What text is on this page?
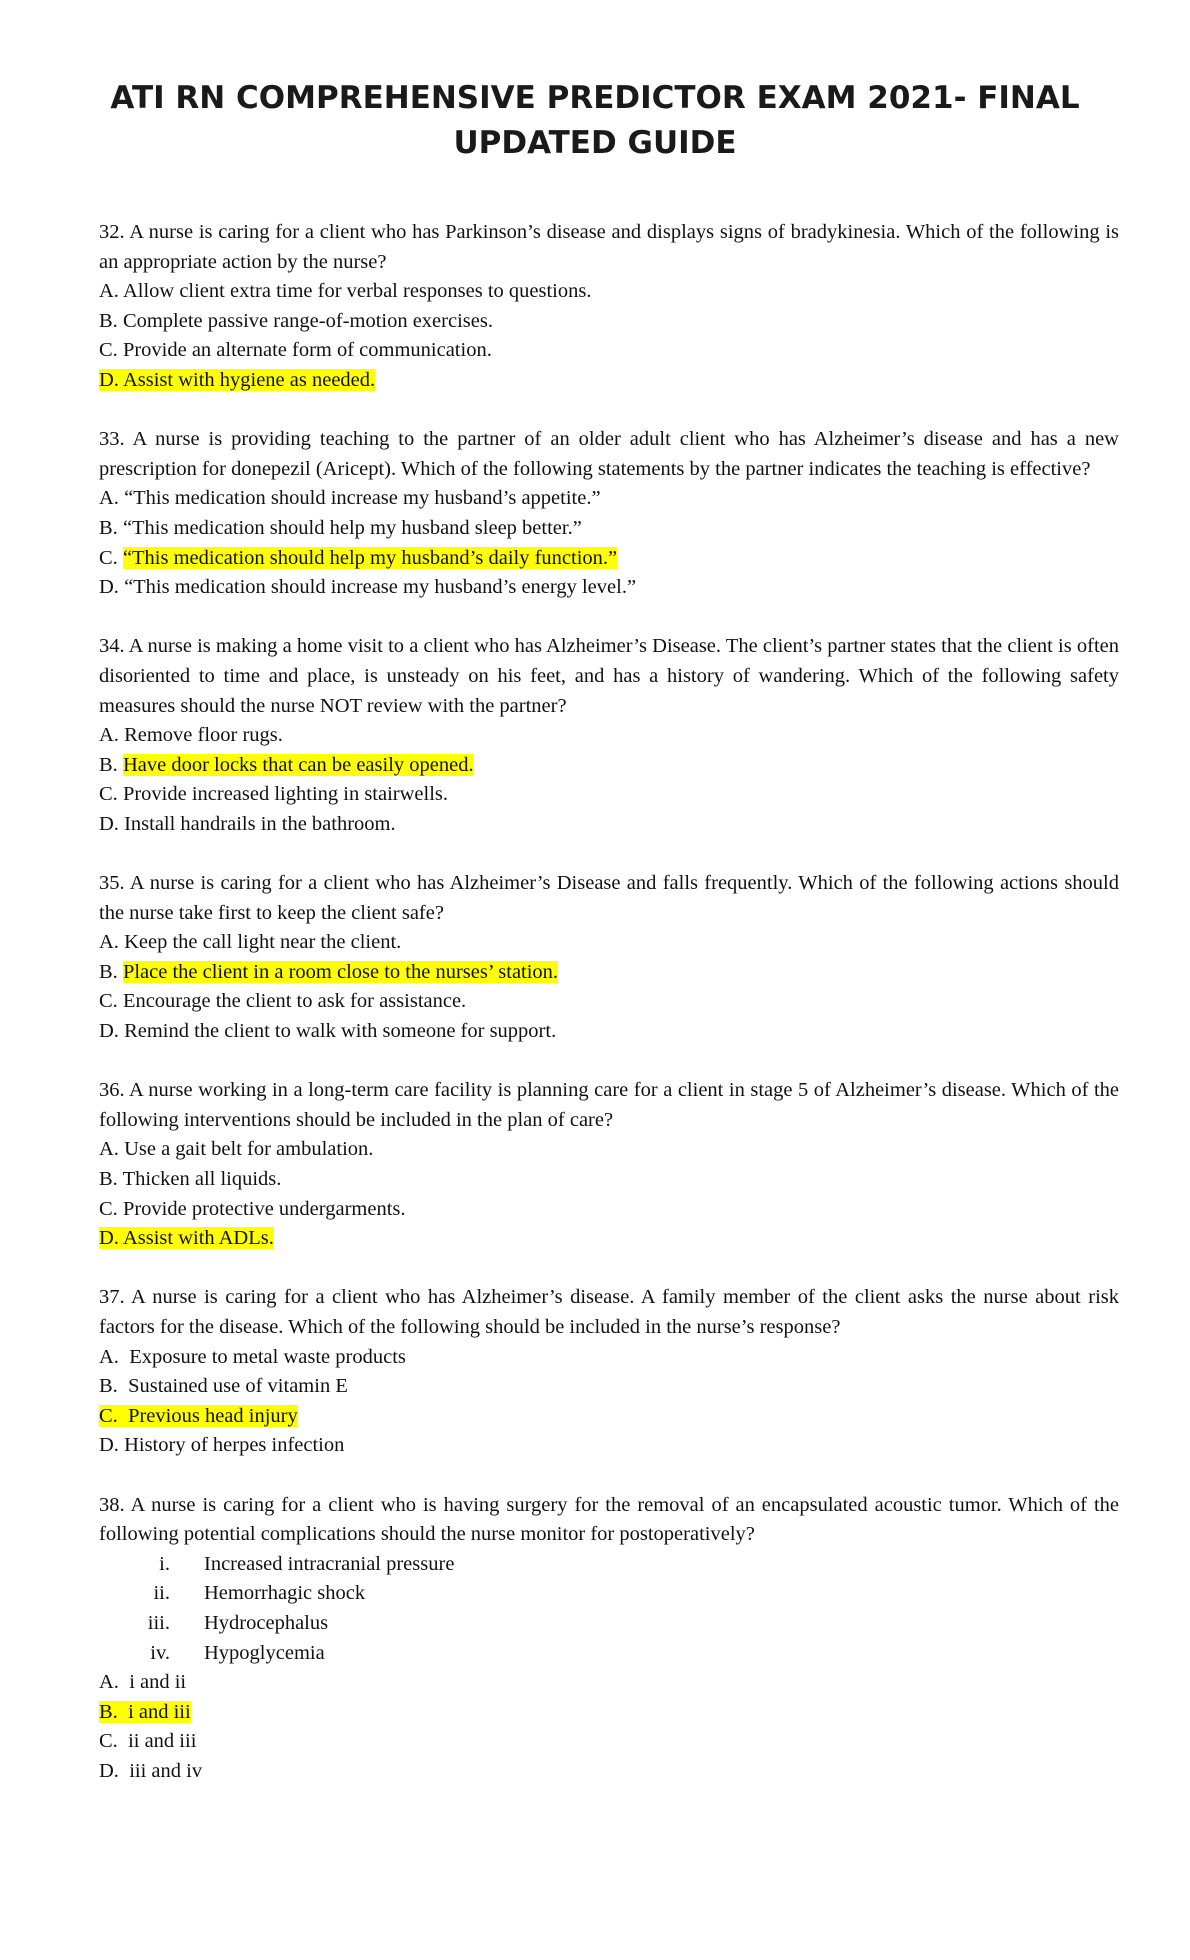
ATI RN COMPREHENSIVE PREDICTOR EXAM 2021- FINAL UPDATED GUIDE

32. A nurse is caring for a client who has Parkinson’s disease and displays signs of bradykinesia. Which of the following is an appropriate action by the nurse?

A. Allow client extra time for verbal responses to questions.

B. Complete passive range-of-motion exercises.

C. Provide an alternate form of communication.

D. Assist with hygiene as needed.

33. A nurse is providing teaching to the partner of an older adult client who has Alzheimer’s disease and has a new prescription for donepezil (Aricept). Which of the following statements by the partner indicates the teaching is effective?

A. “This medication should increase my husband’s appetite.”

B. “This medication should help my husband sleep better.”

C. “This medication should help my husband’s daily function.”

D. “This medication should increase my husband’s energy level.”

34. A nurse is making a home visit to a client who has Alzheimer’s Disease. The client’s partner states that the client is often disoriented to time and place, is unsteady on his feet, and has a history of wandering. Which of the following safety measures should the nurse NOT review with the partner?

A. Remove floor rugs.

B. Have door locks that can be easily opened.

C. Provide increased lighting in stairwells.

D. Install handrails in the bathroom.

35. A nurse is caring for a client who has Alzheimer’s Disease and falls frequently. Which of the following actions should the nurse take first to keep the client safe?

A. Keep the call light near the client.

B. Place the client in a room close to the nurses’ station.

C. Encourage the client to ask for assistance.

D. Remind the client to walk with someone for support.

36. A nurse working in a long-term care facility is planning care for a client in stage 5 of Alzheimer’s disease. Which of the following interventions should be included in the plan of care?

A. Use a gait belt for ambulation.

B. Thicken all liquids.

C. Provide protective undergarments.

D. Assist with ADLs.

37. A nurse is caring for a client who has Alzheimer’s disease. A family member of the client asks the nurse about risk factors for the disease. Which of the following should be included in the nurse’s response?

A.  Exposure to metal waste products

B.  Sustained use of vitamin E

C.  Previous head injury

D. History of herpes infection

38. A nurse is caring for a client who is having surgery for the removal of an encapsulated acoustic tumor. Which of the following potential complications should the nurse monitor for postoperatively?

i.	Increased intracranial pressure
ii.	Hemorrhagic shock
iii.	Hydrocephalus
iv.	Hypoglycemia

A.  i and ii

B.  i and iii

C.  ii and iii

D.  iii and iv
